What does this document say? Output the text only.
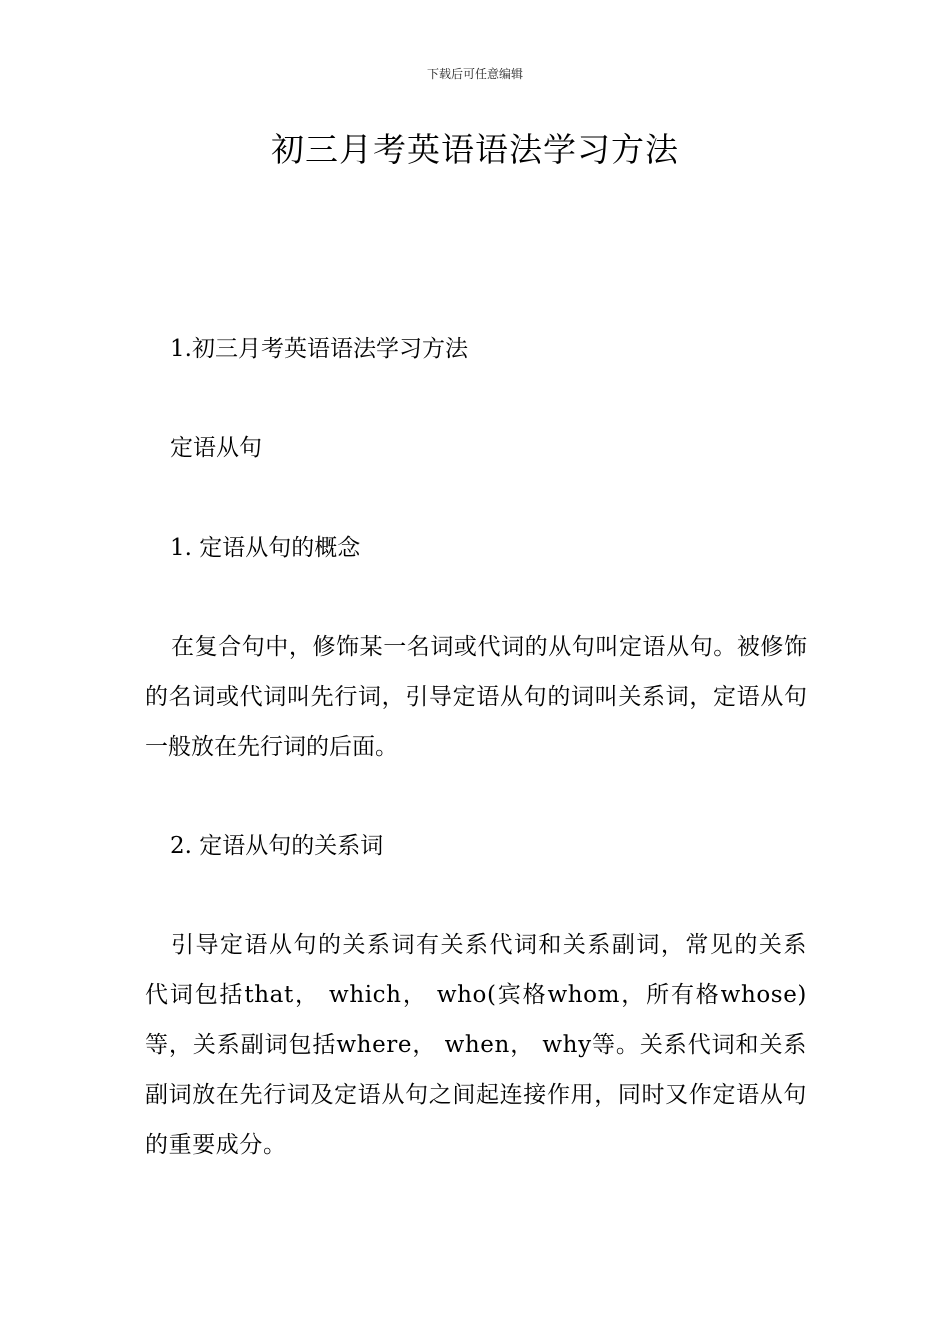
下载后可任意编辑
初三月考英语语法学习方法
1.初三月考英语语法学习方法
定语从句
1. 定语从句的概念

在复合句中，修饰某一名词或代词的从句叫定语从句。被修饰的名词或代词叫先行词，引导定语从句的词叫关系词，定语从句一般放在先行词的后面。

2. 定语从句的关系词

引导定语从句的关系词有关系代词和关系副词，常见的关系代词包括that， which， who(宾格whom，所有格whose)等，关系副词包括where， when， why等。关系代词和关系副词放在先行词及定语从句之间起连接作用，同时又作定语从句的重要成分。
